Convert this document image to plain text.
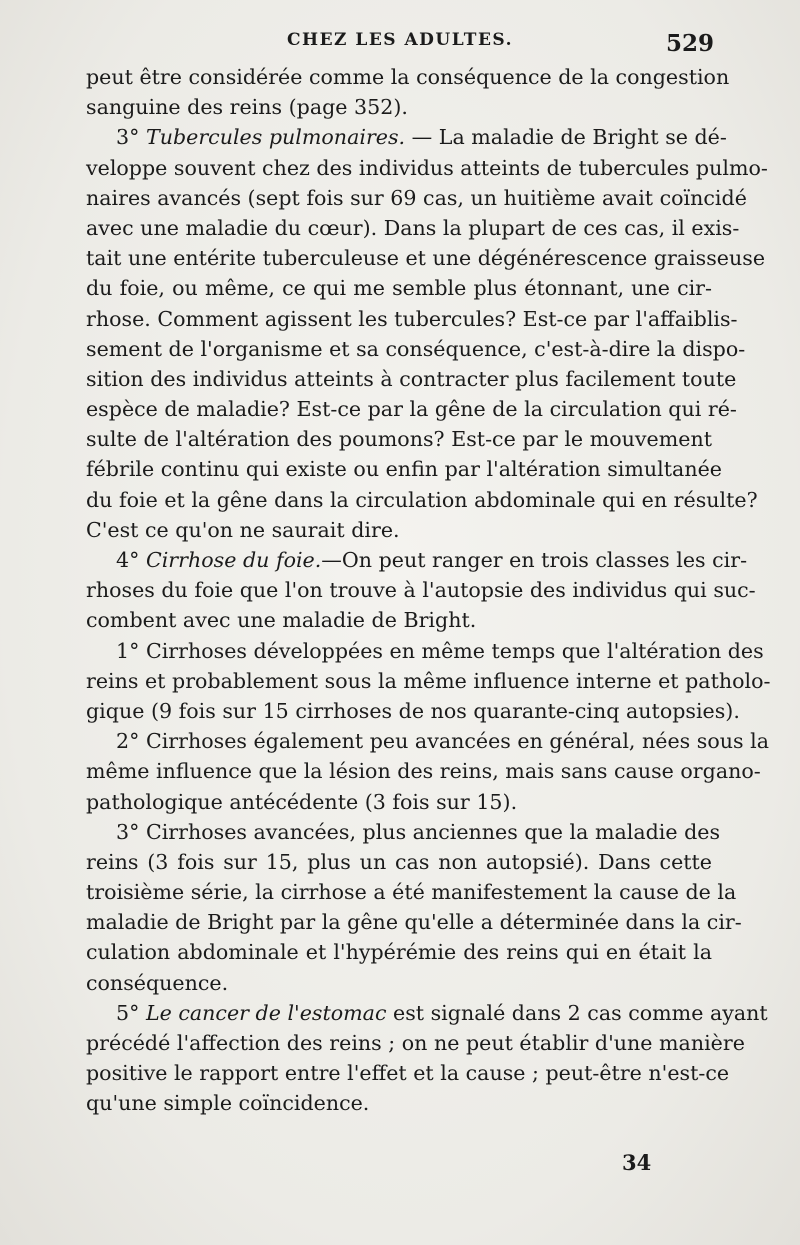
CHEZ LES ADULTES.	529
peut être considérée comme la conséquence de la congestion
sanguine des reins (page 352).
3° Tubercules pulmonaires. — La maladie de Bright se dé-
veloppe souvent chez des individus atteints de tubercules pulmo-
naires avancés (sept fois sur 69 cas, un huitième avait coïncidé
avec une maladie du cœur). Dans la plupart de ces cas, il exis-
tait une entérite tuberculeuse et une dégénérescence graisseuse
du foie, ou même, ce qui me semble plus étonnant, une cir-
rhose. Comment agissent les tubercules? Est-ce par l'affaiblis-
sement de l'organisme et sa conséquence, c'est-à-dire la dispo-
sition des individus atteints à contracter plus facilement toute
espèce de maladie? Est-ce par la gêne de la circulation qui ré-
sulte de l'altération des poumons? Est-ce par le mouvement
fébrile continu qui existe ou enfin par l'altération simultanée
du foie et la gêne dans la circulation abdominale qui en résulte?
C'est ce qu'on ne saurait dire.
4° Cirrhose du foie.—On peut ranger en trois classes les cir-
rhoses du foie que l'on trouve à l'autopsie des individus qui suc-
combent avec une maladie de Bright.
1° Cirrhoses développées en même temps que l'altération des
reins et probablement sous la même influence interne et patholo-
gique (9 fois sur 15 cirrhoses de nos quarante-cinq autopsies).
2° Cirrhoses également peu avancées en général, nées sous la
même influence que la lésion des reins, mais sans cause organo-
pathologique antécédente (3 fois sur 15).
3° Cirrhoses avancées, plus anciennes que la maladie des
reins (3 fois sur 15, plus un cas non autopsié). Dans cette
troisième série, la cirrhose a été manifestement la cause de la
maladie de Bright par la gêne qu'elle a déterminée dans la cir-
culation abdominale et l'hypérémie des reins qui en était la
conséquence.
5° Le cancer de l'estomac est signalé dans 2 cas comme ayant
précédé l'affection des reins ; on ne peut établir d'une manière
positive le rapport entre l'effet et la cause ; peut-être n'est-ce
qu'une simple coïncidence.
34
